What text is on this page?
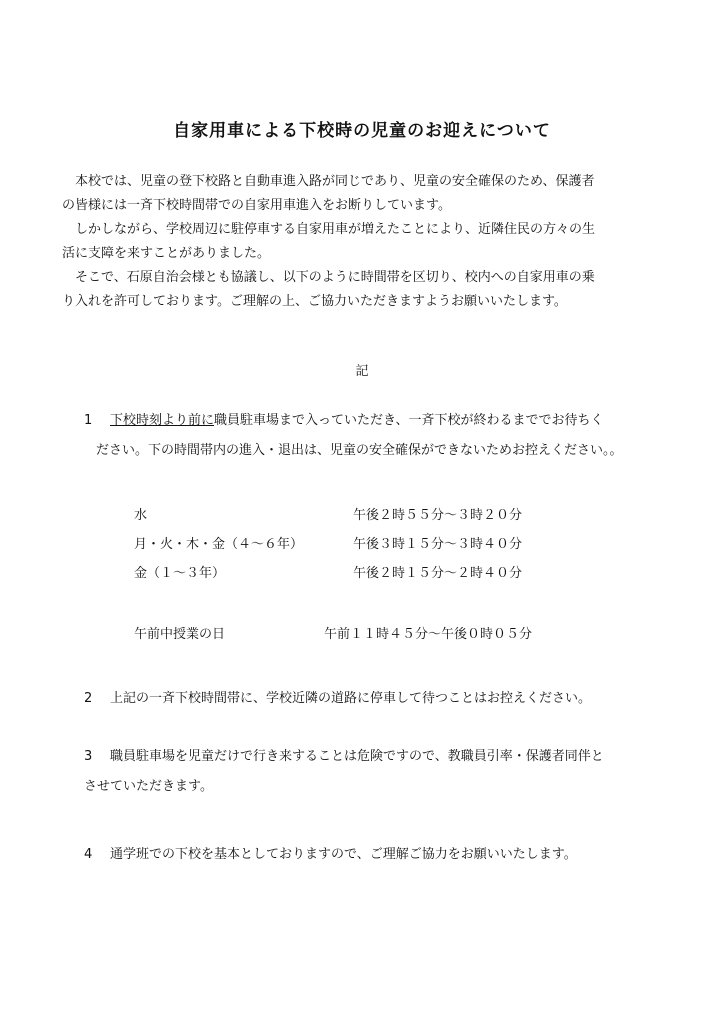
自家用車による下校時の児童のお迎えについて
本校では、児童の登下校路と自動車進入路が同じであり、児童の安全確保のため、保護者
の皆様には一斉下校時間帯での自家用車進入をお断りしています。
しかしながら、学校周辺に駐停車する自家用車が増えたことにより、近隣住民の方々の生
活に支障を来すことがありました。
そこで、石原自治会様とも協議し、以下のように時間帯を区切り、校内への自家用車の乗
り入れを許可しております。ご理解の上、ご協力いただきますようお願いいたします。
記
1 下校時刻より前に職員駐車場まで入っていただき、一斉下校が終わるまででお待ちく
ださい。下の時間帯内の進入・退出は、児童の安全確保ができないためお控えください。。
水	午後２時５５分～３時２０分
月・火・木・金（４～６年）	午後３時１５分～３時４０分
金（１～３年）	午後２時１５分～２時４０分
午前中授業の日	午前１１時４５分～午後０時０５分
2 上記の一斉下校時間帯に、学校近隣の道路に停車して待つことはお控えください。
3 職員駐車場を児童だけで行き来することは危険ですので、教職員引率・保護者同伴と
させていただきます。
4 通学班での下校を基本としておりますので、ご理解ご協力をお願いいたします。
